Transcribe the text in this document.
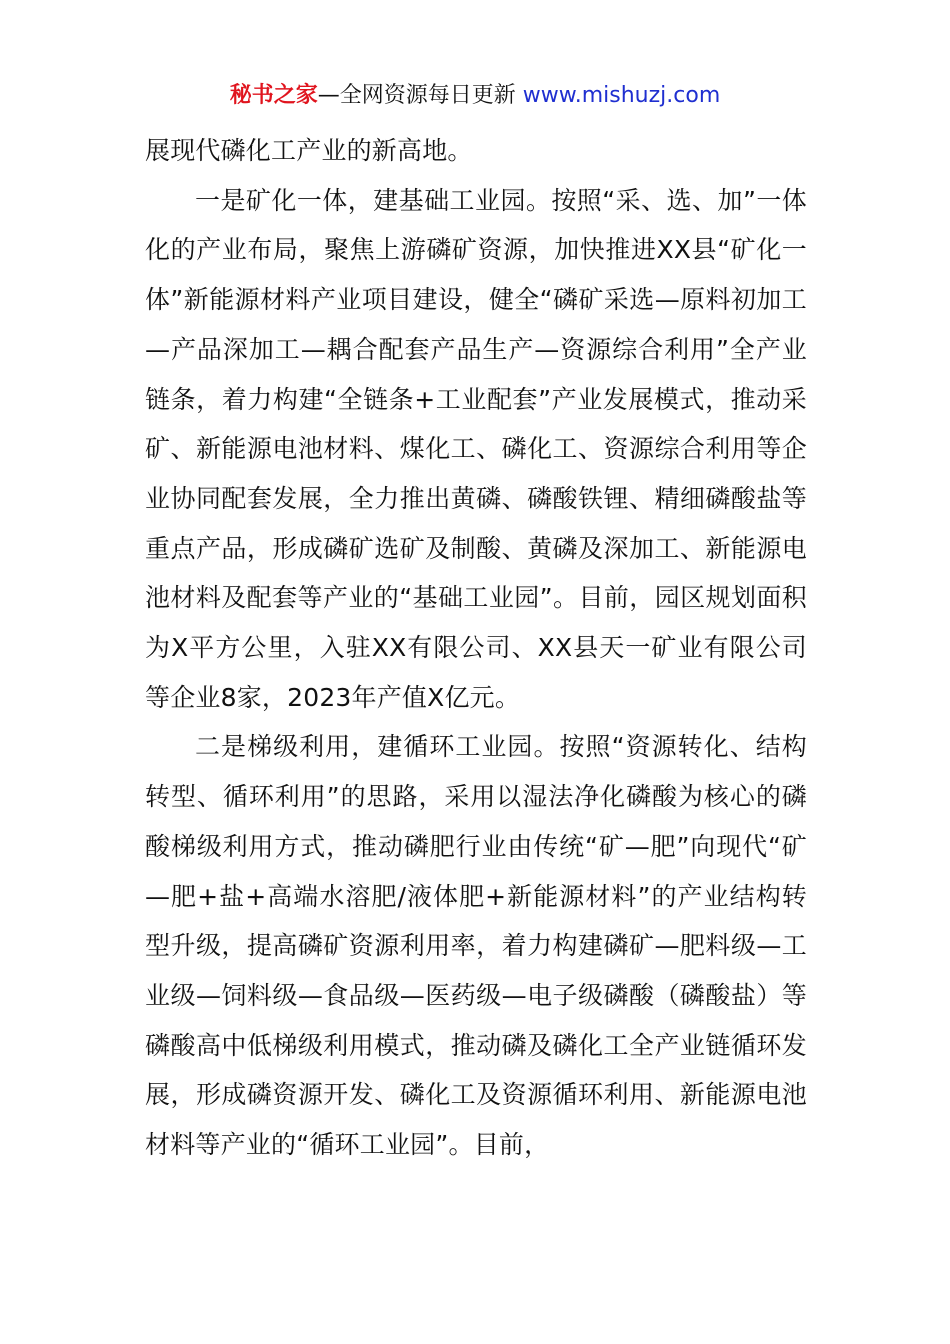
秘书之家—全网资源每日更新 www.mishuzj.com

展现代磷化工产业的新高地。

一是矿化一体，建基础工业园。按照“采、选、加”一体化的产业布局，聚焦上游磷矿资源，加快推进XX县“矿化一体”新能源材料产业项目建设，健全“磷矿采选—原料初加工—产品深加工—耦合配套产品生产—资源综合利用”全产业链条，着力构建“全链条+工业配套”产业发展模式，推动采矿、新能源电池材料、煤化工、磷化工、资源综合利用等企业协同配套发展，全力推出黄磷、磷酸铁锂、精细磷酸盐等重点产品，形成磷矿选矿及制酸、黄磷及深加工、新能源电池材料及配套等产业的“基础工业园”。目前，园区规划面积为X平方公里，入驻XX有限公司、XX县天一矿业有限公司等企业8家，2023年产值X亿元。

二是梯级利用，建循环工业园。按照“资源转化、结构转型、循环利用”的思路，采用以湿法净化磷酸为核心的磷酸梯级利用方式，推动磷肥行业由传统“矿—肥”向现代“矿—肥+盐+高端水溶肥/液体肥+新能源材料”的产业结构转型升级，提高磷矿资源利用率，着力构建磷矿—肥料级—工业级—饲料级—食品级—医药级—电子级磷酸（磷酸盐）等磷酸高中低梯级利用模式，推动磷及磷化工全产业链循环发展，形成磷资源开发、磷化工及资源循环利用、新能源电池材料等产业的“循环工业园”。目前，
